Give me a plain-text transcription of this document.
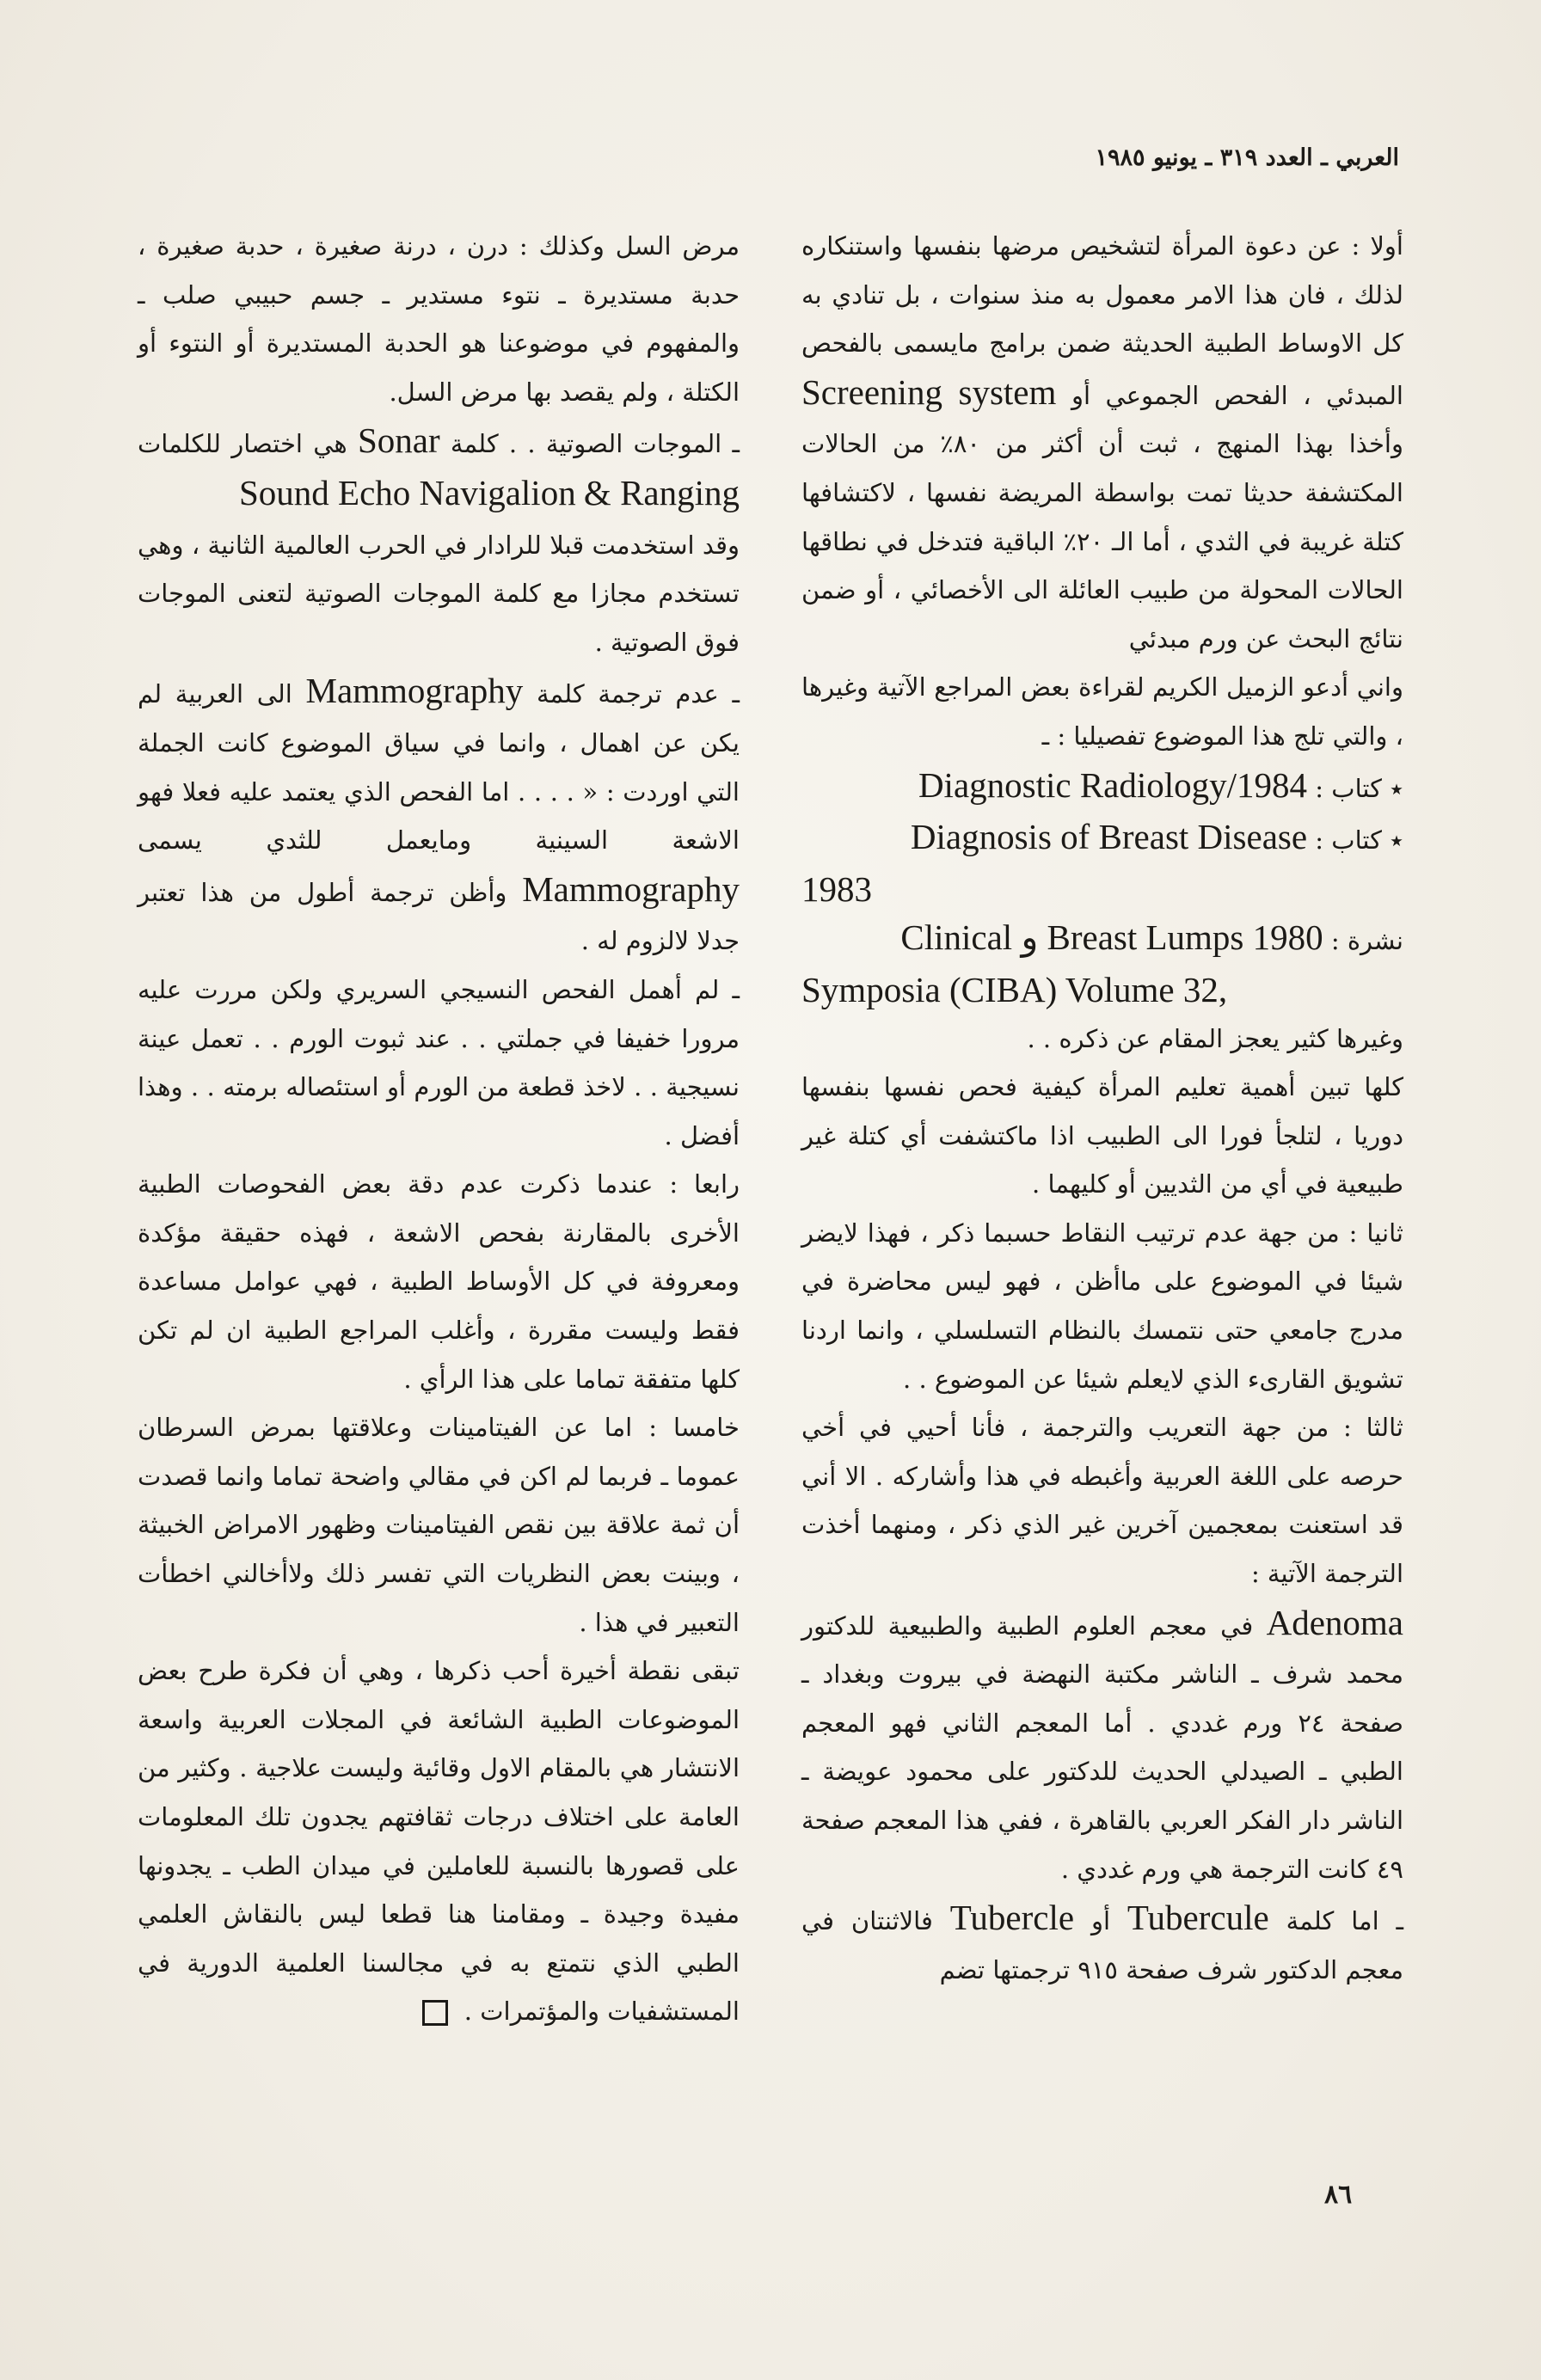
العربي ـ العدد ٣١٩ ـ يونيو ١٩٨٥

أولا : عن دعوة المرأة لتشخيص مرضها بنفسها واستنكاره لذلك ، فان هذا الامر معمول به منذ سنوات ، بل تنادي به كل الاوساط الطبية الحديثة ضمن برامج مايسمى بالفحص المبدئي ، الفحص الجموعي أو Screening system وأخذا بهذا المنهج ، ثبت أن أكثر من ٨٠٪ من الحالات المكتشفة حديثا تمت بواسطة المريضة نفسها ، لاكتشافها كتلة غريبة في الثدي ، أما الـ ٢٠٪ الباقية فتدخل في نطاقها الحالات المحولة من طبيب العائلة الى الأخصائي ، أو ضمن نتائج البحث عن ورم مبدئي

واني أدعو الزميل الكريم لقراءة بعض المراجع الآتية وغيرها ، والتي تلج هذا الموضوع تفصيليا : ـ

٭ كتاب : Diagnostic Radiology/1984

٭ كتاب : Diagnosis of Breast Disease
1983

نشرة : Clinical و Breast Lumps 1980
Symposia (CIBA) Volume 32,

وغيرها كثير يعجز المقام عن ذكره . .

كلها تبين أهمية تعليم المرأة كيفية فحص نفسها بنفسها دوريا ، لتلجأ فورا الى الطبيب اذا ماكتشفت أي كتلة غير طبيعية في أي من الثديين أو كليهما .

ثانيا : من جهة عدم ترتيب النقاط حسبما ذكر ، فهذا لايضر شيئا في الموضوع على ماأظن ، فهو ليس محاضرة في مدرج جامعي حتى نتمسك بالنظام التسلسلي ، وانما اردنا تشويق القارىء الذي لايعلم شيئا عن الموضوع . .

ثالثا : من جهة التعريب والترجمة ، فأنا أحيي في أخي حرصه على اللغة العربية وأغبطه في هذا وأشاركه . الا أني قد استعنت بمعجمين آخرين غير الذي ذكر ، ومنهما أخذت الترجمة الآتية :

Adenoma في معجم العلوم الطبية والطبيعية للدكتور محمد شرف ـ الناشر مكتبة النهضة في بيروت وبغداد ـ صفحة ٢٤ ورم غددي . أما المعجم الثاني فهو المعجم الطبي ـ الصيدلي الحديث للدكتور على محمود عويضة ـ الناشر دار الفكر العربي بالقاهرة ، ففي هذا المعجم صفحة ٤٩ كانت الترجمة هي ورم غددي .

ـ اما كلمة Tubercule أو Tubercle فالاثنتان في معجم الدكتور شرف صفحة ٩١٥ ترجمتها تضم

مرض السل وكذلك : درن ، درنة صغيرة ، حدبة صغيرة ، حدبة مستديرة ـ نتوء مستدير ـ جسم حبيبي صلب ـ والمفهوم في موضوعنا هو الحدبة المستديرة أو النتوء أو الكتلة ، ولم يقصد بها مرض السل.

ـ الموجات الصوتية . . كلمة Sonar هي اختصار للكلمات Sound Echo Navigalion & Ranging

وقد استخدمت قبلا للرادار في الحرب العالمية الثانية ، وهي تستخدم مجازا مع كلمة الموجات الصوتية لتعنى الموجات فوق الصوتية .

ـ عدم ترجمة كلمة Mammography الى العربية لم يكن عن اهمال ، وانما في سياق الموضوع كانت الجملة التي اوردت : « . . . . اما الفحص الذي يعتمد عليه فعلا فهو الاشعة السينية ومايعمل للثدي يسمى Mammography وأظن ترجمة أطول من هذا تعتبر جدلا لالزوم له .

ـ لم أهمل الفحص النسيجي السريري ولكن مررت عليه مرورا خفيفا في جملتي . . عند ثبوت الورم . . تعمل عينة نسيجية . . لاخذ قطعة من الورم أو استئصاله برمته . . وهذا أفضل .

رابعا : عندما ذكرت عدم دقة بعض الفحوصات الطبية الأخرى بالمقارنة بفحص الاشعة ، فهذه حقيقة مؤكدة ومعروفة في كل الأوساط الطبية ، فهي عوامل مساعدة فقط وليست مقررة ، وأغلب المراجع الطبية ان لم تكن كلها متفقة تماما على هذا الرأي .

خامسا : اما عن الفيتامينات وعلاقتها بمرض السرطان عموما ـ فربما لم اكن في مقالي واضحة تماما وانما قصدت أن ثمة علاقة بين نقص الفيتامينات وظهور الامراض الخبيثة ، وبينت بعض النظريات التي تفسر ذلك ولاأخالني اخطأت التعبير في هذا .

تبقى نقطة أخيرة أحب ذكرها ، وهي أن فكرة طرح بعض الموضوعات الطبية الشائعة في المجلات العربية واسعة الانتشار هي بالمقام الاول وقائية وليست علاجية . وكثير من العامة على اختلاف درجات ثقافتهم يجدون تلك المعلومات على قصورها بالنسبة للعاملين في ميدان الطب ـ يجدونها مفيدة وجيدة ـ ومقامنا هنا قطعا ليس بالنقاش العلمي الطبي الذي نتمتع به في مجالسنا العلمية الدورية في المستشفيات والمؤتمرات .

٨٦
